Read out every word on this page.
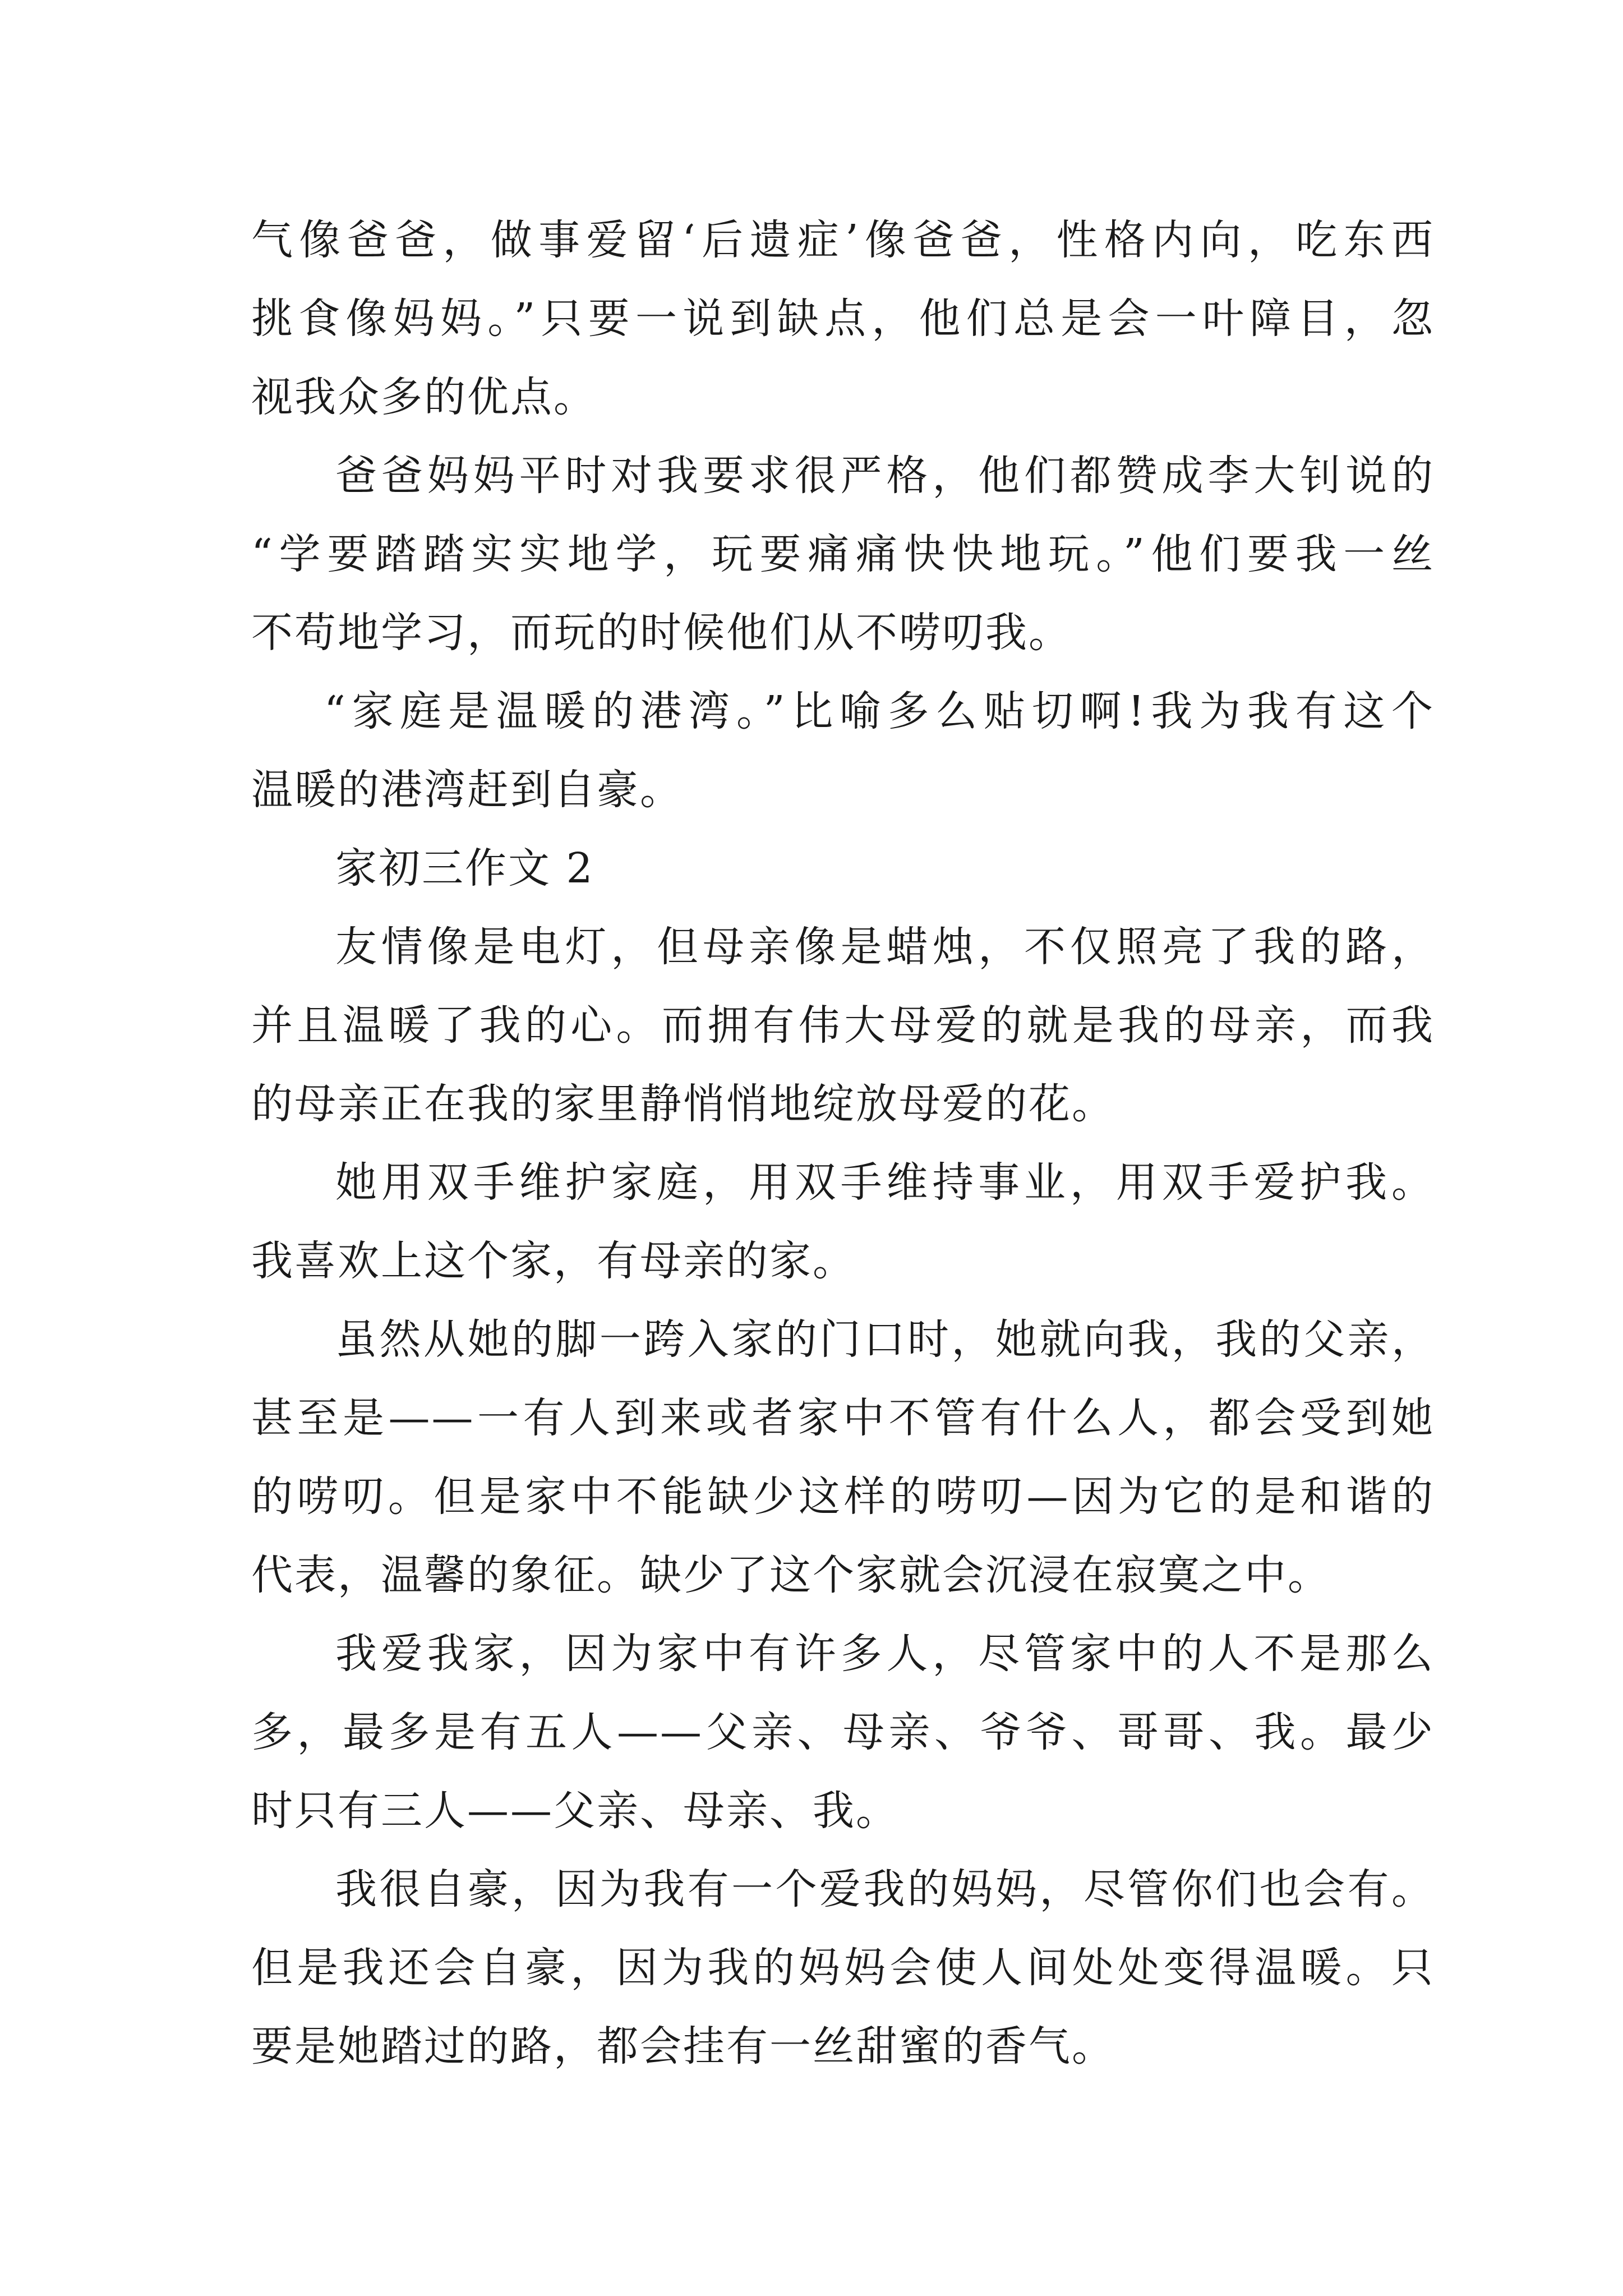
气像爸爸，做事爱留‘后遗症’像爸爸，性格内向，吃东西
挑食像妈妈。”只要一说到缺点，他们总是会一叶障目，忽
视我众多的优点。
爸爸妈妈平时对我要求很严格，他们都赞成李大钊说的
“学要踏踏实实地学，玩要痛痛快快地玩。”他们要我一丝
不苟地学习，而玩的时候他们从不唠叨我。
“家庭是温暖的港湾。”比喻多么贴切啊!我为我有这个
温暖的港湾赶到自豪。
家初三作文 2
友情像是电灯，但母亲像是蜡烛，不仅照亮了我的路，
并且温暖了我的心。而拥有伟大母爱的就是我的母亲，而我
的母亲正在我的家里静悄悄地绽放母爱的花。
她用双手维护家庭，用双手维持事业，用双手爱护我。
我喜欢上这个家，有母亲的家。
虽然从她的脚一跨入家的门口时，她就向我，我的父亲，
甚至是——一有人到来或者家中不管有什么人，都会受到她
的唠叨。但是家中不能缺少这样的唠叨—因为它的是和谐的
代表，温馨的象征。缺少了这个家就会沉浸在寂寞之中。
我爱我家，因为家中有许多人，尽管家中的人不是那么
多，最多是有五人——父亲、母亲、爷爷、哥哥、我。最少
时只有三人——父亲、母亲、我。
我很自豪，因为我有一个爱我的妈妈，尽管你们也会有。
但是我还会自豪，因为我的妈妈会使人间处处变得温暖。只
要是她踏过的路，都会挂有一丝甜蜜的香气。
